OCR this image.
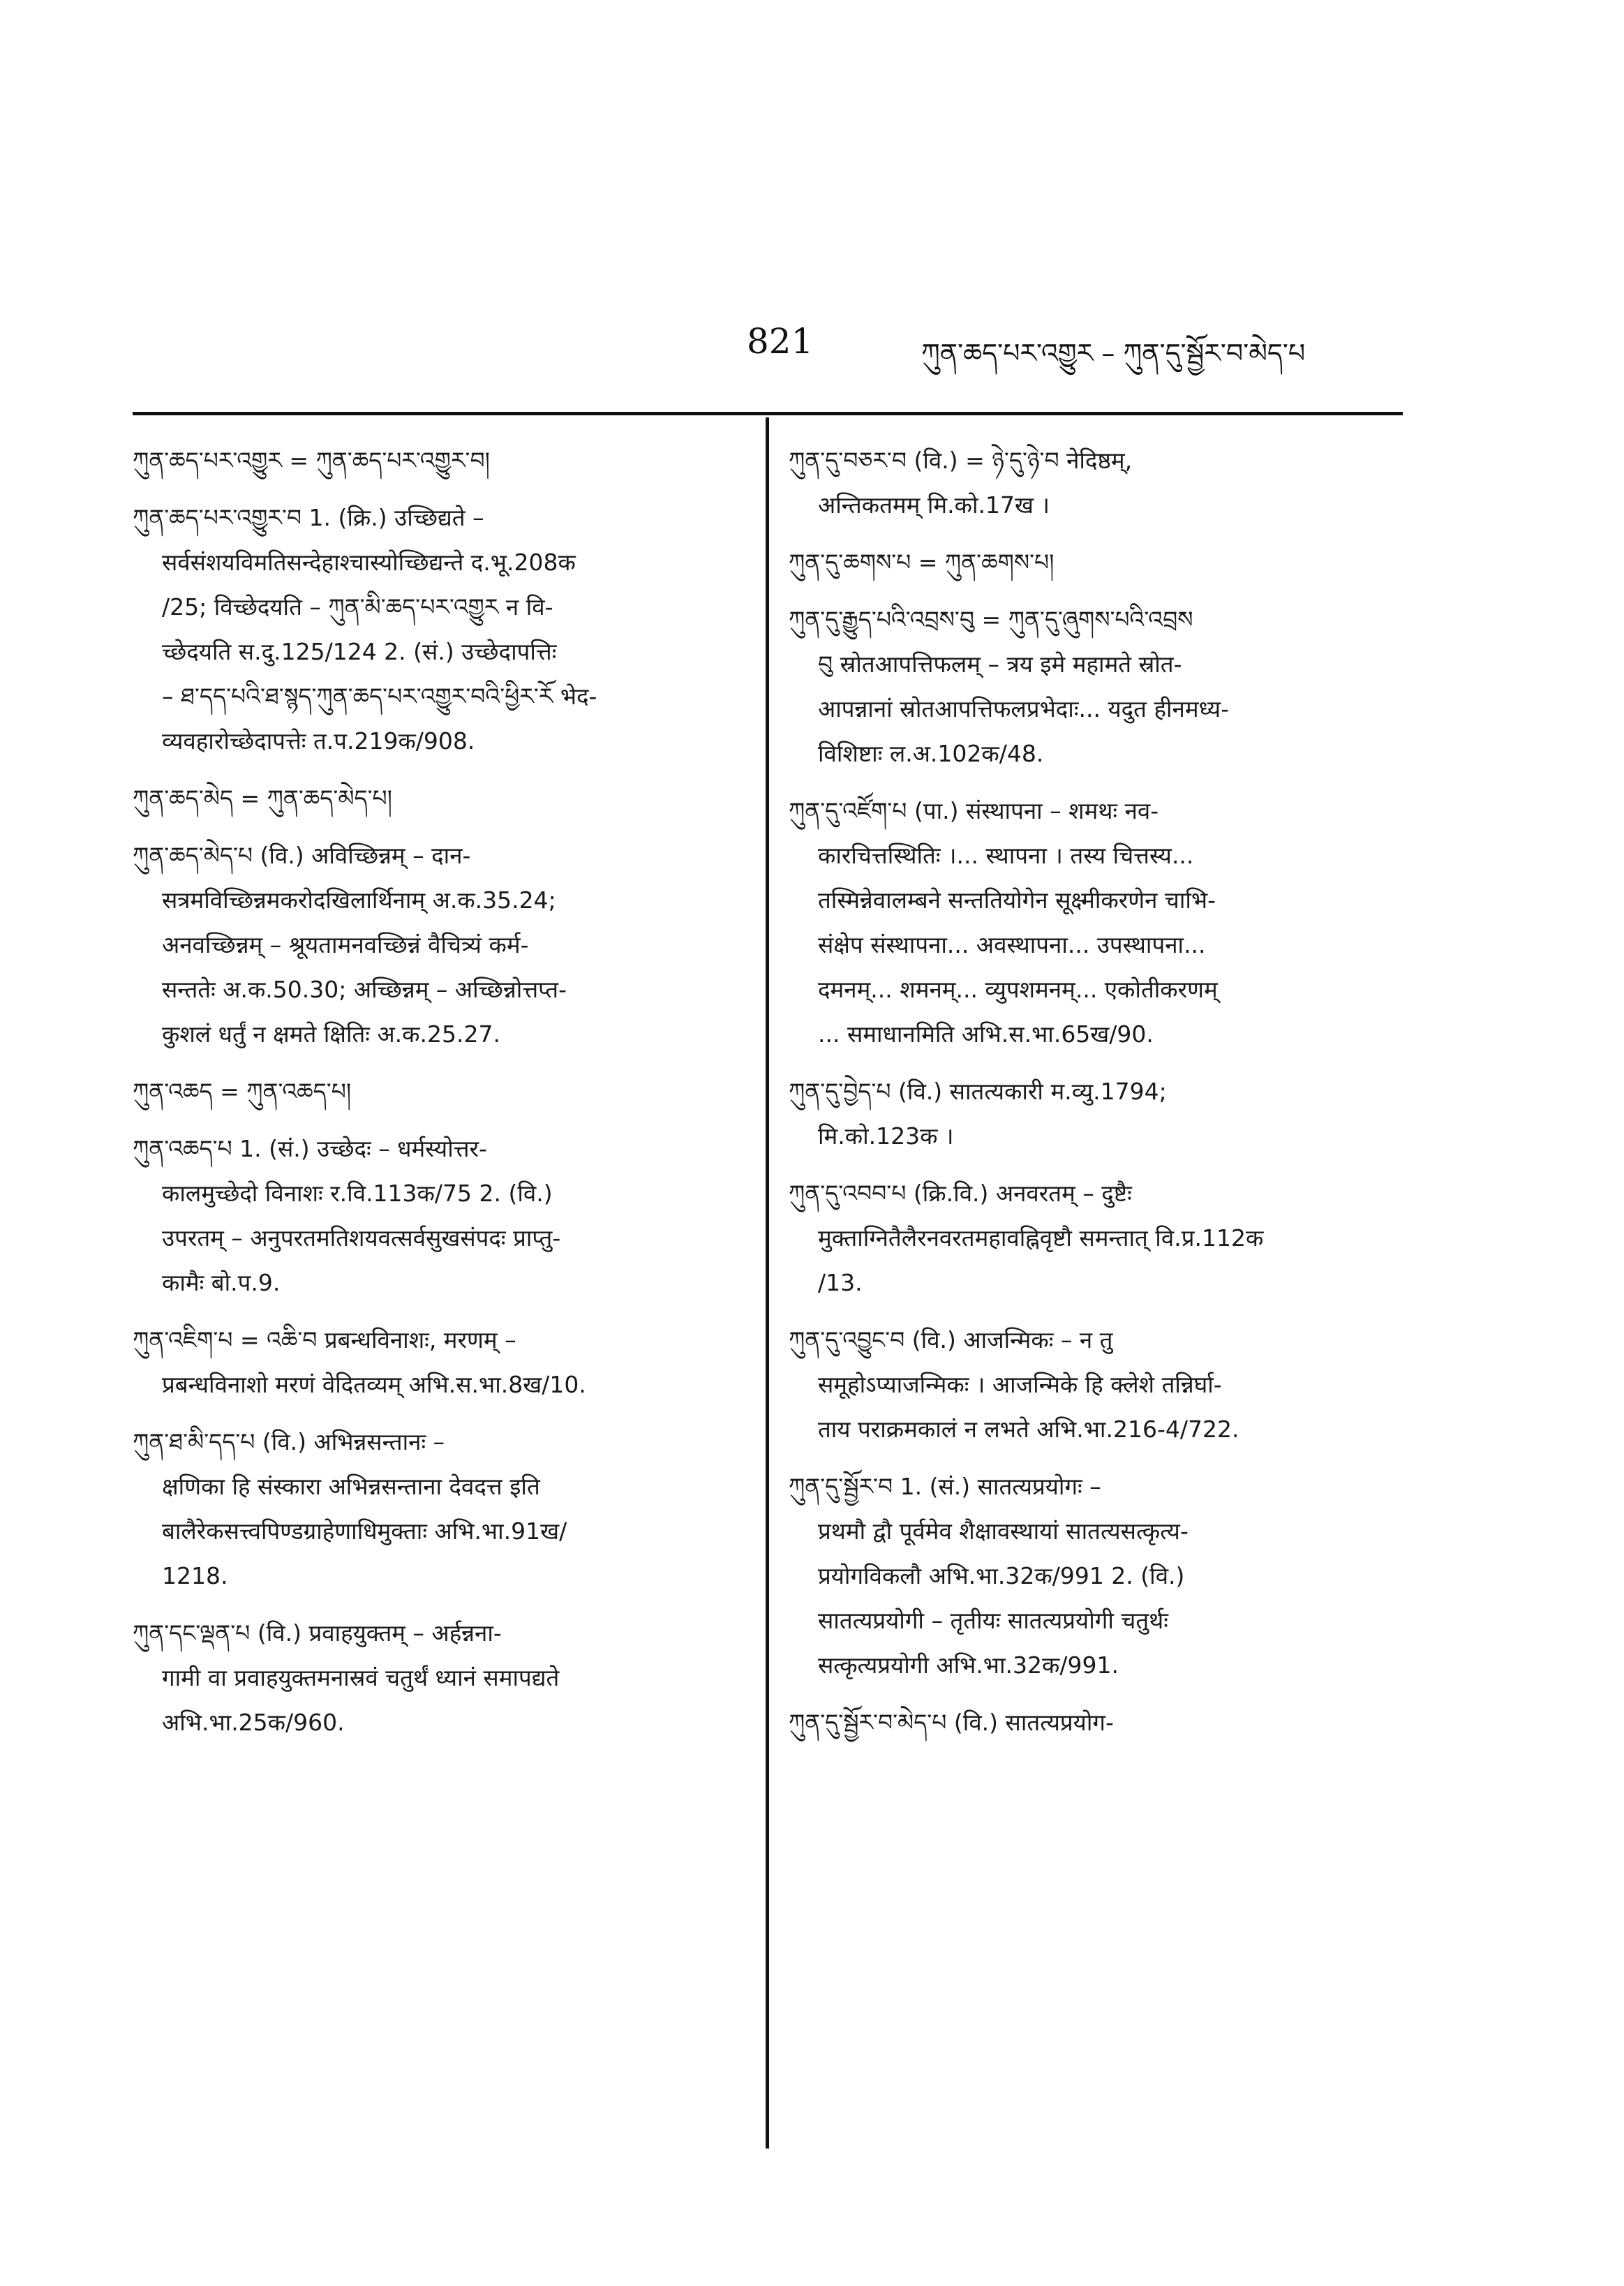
821	ཀུན་ཆད་པར་འགྱུར – ཀུན་དུ་སྦྱོར་བ་མེད་པ
ཀུན་ཆད་པར་འགྱུར = ཀུན་ཆད་པར་འགྱུར་བ།
ཀུན་ཆད་པར་འགྱུར་བ 1. (क्रि.) उच्छिद्यते –
सर्वसंशयविमतिसन्देहाश्चास्योच्छिद्यन्ते द.भू.208क
/25; विच्छेदयति – ཀུན་མི་ཆད་པར་འགྱུར न वि-
च्छेदयति स.दु.125/124 2. (सं.) उच्छेदापत्तिः
– ཐ་དད་པའི་ཐ་སྙད་ཀུན་ཆད་པར་འགྱུར་བའི་ཕྱིར་རོ भेद-
व्यवहारोच्छेदापत्तेः त.प.219क/908.
ཀུན་ཆད་མེད = ཀུན་ཆད་མེད་པ།
ཀུན་ཆད་མེད་པ (वि.) अविच्छिन्नम् – दान-
सत्रमविच्छिन्नमकरोदखिलार्थिनाम् अ.क.35.24;
अनवच्छिन्नम् – श्रूयतामनवच्छिन्नं वैचित्र्यं कर्म-
सन्ततेः अ.क.50.30; अच्छिन्नम् – अच्छिन्नोत्तप्त-
कुशलं धर्तुं न क्षमते क्षितिः अ.क.25.27.
ཀུན་འཆད = ཀུན་འཆད་པ།
ཀུན་འཆད་པ 1. (सं.) उच्छेदः – धर्मस्योत्तर-
कालमुच्छेदो विनाशः र.वि.113क/75 2. (वि.)
उपरतम् – अनुपरतमतिशयवत्सर्वसुखसंपदः प्राप्तु-
कामैः बो.प.9.
ཀུན་འཇིག་པ = འཆི་བ प्रबन्धविनाशः, मरणम् –
प्रबन्धविनाशो मरणं वेदितव्यम् अभि.स.भा.8ख/10.
ཀུན་ཐ་མི་དད་པ (वि.) अभिन्नसन्तानः –
क्षणिका हि संस्कारा अभिन्नसन्ताना देवदत्त इति
बालैरेकसत्त्वपिण्डग्राहेणाधिमुक्ताः अभि.भा.91ख/
1218.
ཀུན་དང་ལྡན་པ (वि.) प्रवाहयुक्तम् – अर्हन्नना-
गामी वा प्रवाहयुक्तमनास्रवं चतुर्थं ध्यानं समापद्यते
अभि.भा.25क/960.
ཀུན་དུ་བཅར་བ (वि.) = ཉེ་དུ་ཉེ་བ नेदिष्ठम्,
अन्तिकतमम् मि.को.17ख ।
ཀུན་དུ་ཆགས་པ = ཀུན་ཆགས་པ།
ཀུན་དུ་རྒྱུད་པའི་འབྲས་བུ = ཀུན་དུ་ཞུགས་པའི་འབྲས
བུ स्रोतआपत्तिफलम् – त्रय इमे महामते स्रोत-
आपन्नानां स्रोतआपत्तिफलप्रभेदाः... यदुत हीनमध्य-
विशिष्टाः ल.अ.102क/48.
ཀུན་དུ་འཛོག་པ (पा.) संस्थापना – शमथः नव-
कारचित्तस्थितिः ।... स्थापना । तस्य चित्तस्य...
तस्मिन्नेवालम्बने सन्ततियोगेन सूक्ष्मीकरणेन चाभि-
संक्षेप संस्थापना... अवस्थापना... उपस्थापना...
दमनम्... शमनम्... व्युपशमनम्... एकोतीकरणम्
... समाधानमिति अभि.स.भा.65ख/90.
ཀུན་དུ་བྱེད་པ (वि.) सातत्यकारी म.व्यु.1794;
मि.को.123क ।
ཀུན་དུ་འབབ་པ (क्रि.वि.) अनवरतम् – दुष्टैः
मुक्ताग्नितैलैरनवरतमहावह्निवृष्टौ समन्तात् वि.प्र.112क
/13.
ཀུན་དུ་འབྱུང་བ (वि.) आजन्मिकः – न तु
समूहोऽप्याजन्मिकः । आजन्मिके हि क्लेशे तन्निर्घा-
ताय पराक्रमकालं न लभते अभि.भा.216-4/722.
ཀུན་དུ་སྦྱོར་བ 1. (सं.) सातत्यप्रयोगः –
प्रथमौ द्वौ पूर्वमेव शैक्षावस्थायां सातत्यसत्कृत्य-
प्रयोगविकलौ अभि.भा.32क/991 2. (वि.)
सातत्यप्रयोगी – तृतीयः सातत्यप्रयोगी चतुर्थः
सत्कृत्यप्रयोगी अभि.भा.32क/991.
ཀུན་དུ་སྦྱོར་བ་མེད་པ (वि.) सातत्यप्रयोग-
